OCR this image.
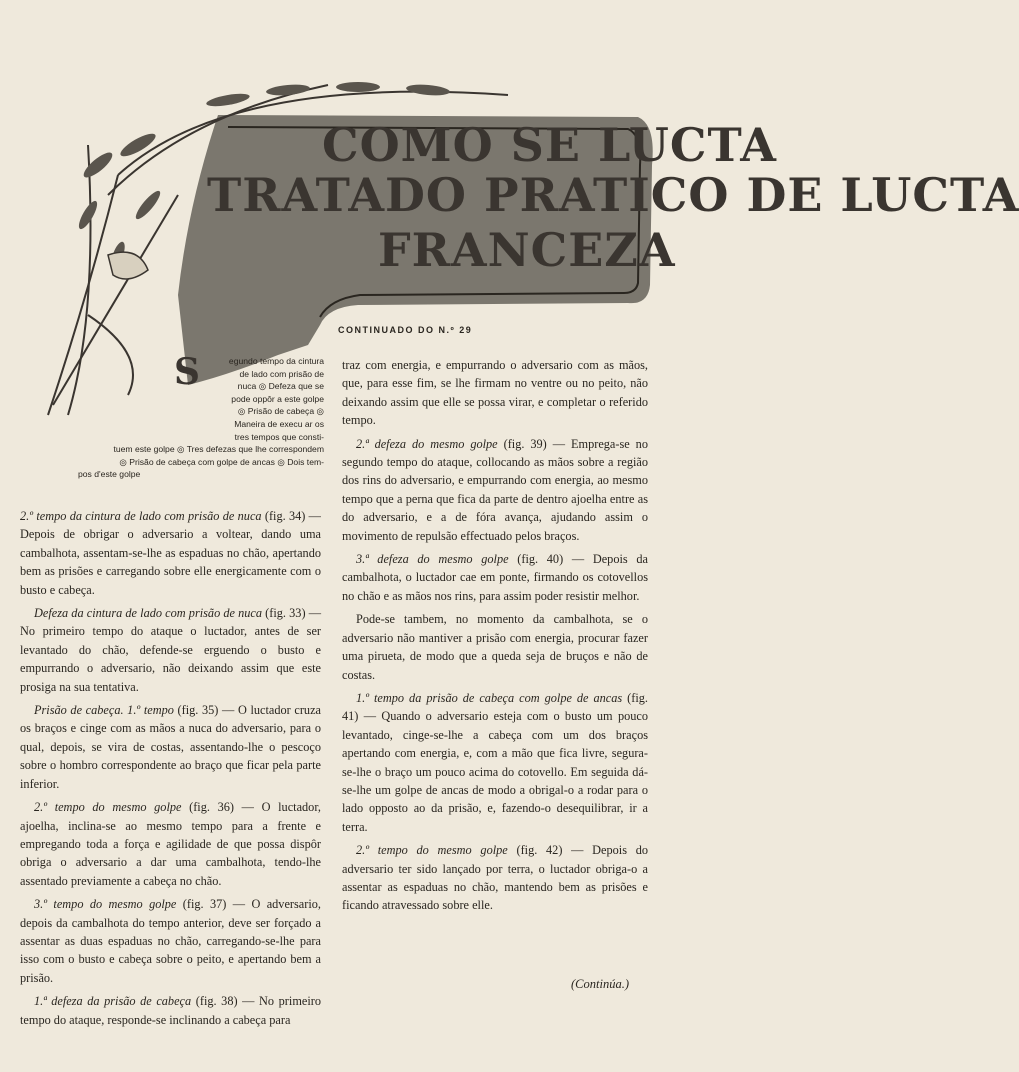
COMO SE LUCTA
TRATADO PRATICO DE LUCTA
FRANCEZA
CONTINUADO DO N.º 29
S	egundo tempo da cintura
de lado com prisão de
nuca ◎ Defeza que se
pode oppôr a este golpe
◎ Prisão de cabeça ◎
Maneira de execu ar os
tres tempos que consti-
tuem este golpe ◎ Tres defezas que lhe correspondem
◎ Prisão de cabeça com golpe de ancas ◎ Dois tem-
pos d'este golpe

2.º tempo da cintura de lado com prisão de nuca (fig. 34) — Depois de obrigar o adversario a voltear, dando uma cambalhota, assentam-se-lhe as espaduas no chão, apertando bem as prisões e carregando sobre elle energicamente com o busto e cabeça.

Defeza da cintura de lado com prisão de nuca (fig. 33) — No primeiro tempo do ataque o luctador, antes de ser levantado do chão, defende-se erguendo o busto e empurrando o adversario, não deixando assim que este prosiga na sua tentativa.

Prisão de cabeça. 1.º tempo (fig. 35) — O luctador cruza os braços e cinge com as mãos a nuca do adversario, para o qual, depois, se vira de costas, assentando-lhe o pescoço sobre o hombro correspondente ao braço que ficar pela parte inferior.

2.º tempo do mesmo golpe (fig. 36) — O luctador, ajoelha, inclina-se ao mesmo tempo para a frente e empregando toda a força e agilidade de que possa dispôr obriga o adversario a dar uma cambalhota, tendo-lhe assentado previamente a cabeça no chão.

3.º tempo do mesmo golpe (fig. 37) — O adversario, depois da cambalhota do tempo anterior, deve ser forçado a assentar as duas espaduas no chão, carregando-se-lhe para isso com o busto e cabeça sobre o peito, e apertando bem a prisão.

1.ª defeza da prisão de cabeça (fig. 38) — No primeiro tempo do ataque, responde-se inclinando a cabeça para

traz com energia, e empurrando o adversario com as mãos, que, para esse fim, se lhe firmam no ventre ou no peito, não deixando assim que elle se possa virar, e completar o referido tempo.

2.ª defeza do mesmo golpe (fig. 39) — Emprega-se no segundo tempo do ataque, collocando as mãos sobre a região dos rins do adversario, e empurrando com energia, ao mesmo tempo que a perna que fica da parte de dentro ajoelha entre as do adversario, e a de fóra avança, ajudando assim o movimento de repulsão effectuado pelos braços.

3.ª defeza do mesmo golpe (fig. 40) — Depois da cambalhota, o luctador cae em ponte, firmando os cotovellos no chão e as mãos nos rins, para assim poder resistir melhor.

Pode-se tambem, no momento da cambalhota, se o adversario não mantiver a prisão com energia, procurar fazer uma pirueta, de modo que a queda seja de bruços e não de costas.

1.º tempo da prisão de cabeça com golpe de ancas (fig. 41) — Quando o adversario esteja com o busto um pouco levantado, cinge-se-lhe a cabeça com um dos braços apertando com energia, e, com a mão que fica livre, segura-se-lhe o braço um pouco acima do cotovello. Em seguida dá-se-lhe um golpe de ancas de modo a obrigal-o a rodar para o lado opposto ao da prisão, e, fazendo-o desequilibrar, ir a terra.

2.º tempo do mesmo golpe (fig. 42) — Depois do adversario ter sido lançado por terra, o luctador obriga-o a assentar as espaduas no chão, mantendo bem as prisões e ficando atravessado sobre elle.

(Continúa.)
